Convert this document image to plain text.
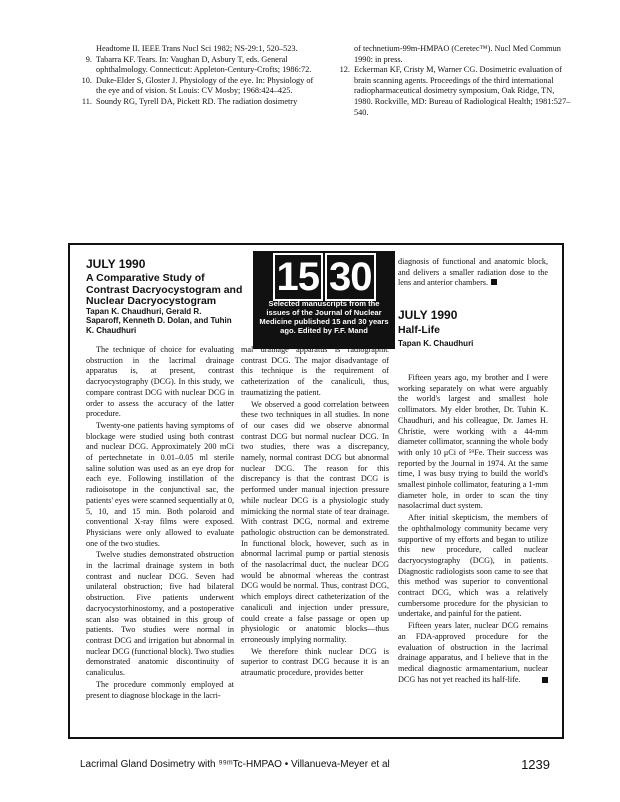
Headtome II. IEEE Trans Nucl Sci 1982; NS-29:1, 520–523.
9. Tabarra KF. Tears. In: Vaughan D, Asbury T, eds. General ophthalmology. Connecticut: Appleton-Century-Crofts; 1986:72.
10. Duke-Elder S, Gloster J. Physiology of the eye. In: Physiology of the eye and of vision. St Louis: CV Mosby; 1968:424–425.
11. Soundy RG, Tyrell DA, Pickett RD. The radiation dosimetry
of technetium-99m-HMPAO (Ceretec™). Nucl Med Commun 1990: in press.
12. Eckerman KF, Cristy M, Warner CG. Dosimetric evaluation of brain scanning agents. Proceedings of the third international radiopharmaceutical dosimetry symposium, Oak Ridge, TN, 1980. Rockville, MD: Bureau of Radiological Health; 1981:527–540.
JULY 1990
A Comparative Study of Contrast Dacryocystogram and Nuclear Dacryocystogram
Tapan K. Chaudhuri, Gerald R. Saparoff, Kenneth D. Dolan, and Tuhin K. Chaudhuri
15 30
Selected manuscripts from the issues of the Journal of Nuclear Medicine published 15 and 30 years ago. Edited by F.F. Mand
diagnosis of functional and anatomic block, and delivers a smaller radiation dose to the lens and anterior chambers.
JULY 1990
Half-Life
Tapan K. Chaudhuri

The technique of choice for evaluating obstruction in the lacrimal drainage apparatus is, at present, contrast dacryocystography (DCG). In this study, we compare contrast DCG with nuclear DCG in order to assess the accuracy of the latter procedure.

Twenty-one patients having symptoms of blockage were studied using both contrast and nuclear DCG. Approximately 200 mCi of pertechnetate in 0.01–0.05 ml sterile saline solution was used as an eye drop for each eye. Following instillation of the radioisotope in the conjunctival sac, the patients' eyes were scanned sequentially at 0, 5, 10, and 15 min. Both polaroid and conventional X-ray films were exposed. Physicians were only allowed to evaluate one of the two studies.

Twelve studies demonstrated obstruction in the lacrimal drainage system in both contrast and nuclear DCG. Seven had unilateral obstruction; five had bilateral obstruction. Five patients underwent dacryocystorhinostomy, and a postoperative scan also was obtained in this group of patients. Two studies were normal in contrast DCG and irrigation but abnormal in nuclear DCG (functional block). Two studies demonstrated anatomic discontinuity of canaliculus.

The procedure commonly employed at present to diagnose blockage in the lacri-

mal drainage apparatus is radiographic contrast DCG. The major disadvantage of this technique is the requirement of catheterization of the canaliculi, thus, traumatizing the patient.

We observed a good correlation between these two techniques in all studies. In none of our cases did we observe abnormal contrast DCG but normal nuclear DCG. In two studies, there was a discrepancy, namely, normal contrast DCG but abnormal nuclear DCG. The reason for this discrepancy is that the contrast DCG is performed under manual injection pressure while nuclear DCG is a physiologic study mimicking the normal state of tear drainage. With contrast DCG, normal and extreme pathologic obstruction can be demonstrated. In functional block, however, such as in abnormal lacrimal pump or partial stenosis of the nasolacrimal duct, the nuclear DCG would be abnormal whereas the contrast DCG would be normal. Thus, contrast DCG, which employs direct catheterization of the canaliculi and injection under pressure, could create a false passage or open up physiologic or anatomic blocks—thus erroneously implying normality.

We therefore think nuclear DCG is superior to contrast DCG because it is an atraumatic procedure, provides better

Fifteen years ago, my brother and I were working separately on what were arguably the world's largest and smallest hole collimators. My elder brother, Dr. Tuhin K. Chaudhuri, and his colleague, Dr. James H. Christie, were working with a 44-mm diameter collimator, scanning the whole body with only 10 μCi of ⁵⁹Fe. Their success was reported by the Journal in 1974. At the same time, I was busy trying to build the world's smallest pinhole collimator, featuring a 1-mm diameter hole, in order to scan the tiny nasolacrimal duct system.

After initial skepticism, the members of the ophthalmology community became very supportive of my efforts and began to utilize this new procedure, called nuclear dacryocystography (DCG), in patients. Diagnostic radiologists soon came to see that this method was superior to conventional contract DCG, which was a relatively cumbersome procedure for the physician to undertake, and painful for the patient.

Fifteen years later, nuclear DCG remains an FDA-approved procedure for the evaluation of obstruction in the lacrimal drainage apparatus, and I believe that in the medical diagnostic armamentarium, nuclear DCG has not yet reached its half-life.

Lacrimal Gland Dosimetry with ⁹⁹ᵐTc-HMPAO • Villanueva-Meyer et al	1239
